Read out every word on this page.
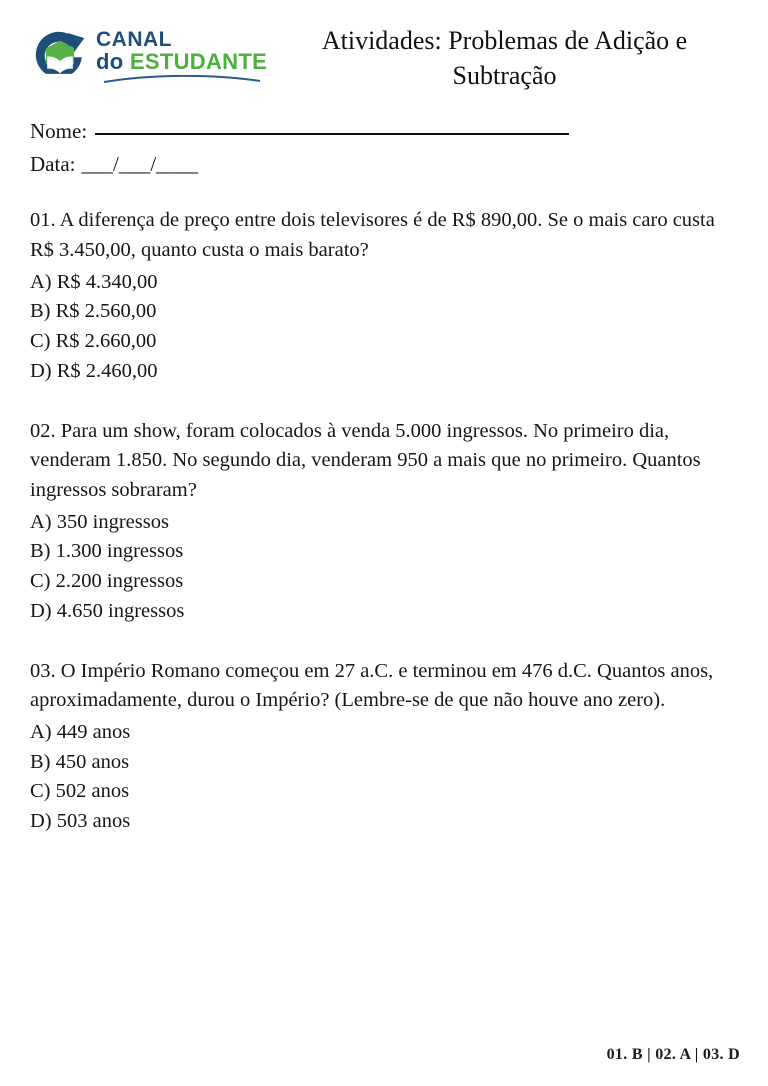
CANAL
do ESTUDANTE
Atividades: Problemas de Adição e Subtração
Nome:
Data: ___/___/____

01. A diferença de preço entre dois televisores é de R$ 890,00. Se o mais caro custa R$ 3.450,00, quanto custa o mais barato?

A) R$ 4.340,00
B) R$ 2.560,00
C) R$ 2.660,00
D) R$ 2.460,00

02. Para um show, foram colocados à venda 5.000 ingressos. No primeiro dia, venderam 1.850. No segundo dia, venderam 950 a mais que no primeiro. Quantos ingressos sobraram?

A) 350 ingressos
B) 1.300 ingressos
C) 2.200 ingressos
D) 4.650 ingressos

03. O Império Romano começou em 27 a.C. e terminou em 476 d.C. Quantos anos, aproximadamente, durou o Império? (Lembre-se de que não houve ano zero).

A) 449 anos
B) 450 anos
C) 502 anos
D) 503 anos
01. B | 02. A | 03. D
